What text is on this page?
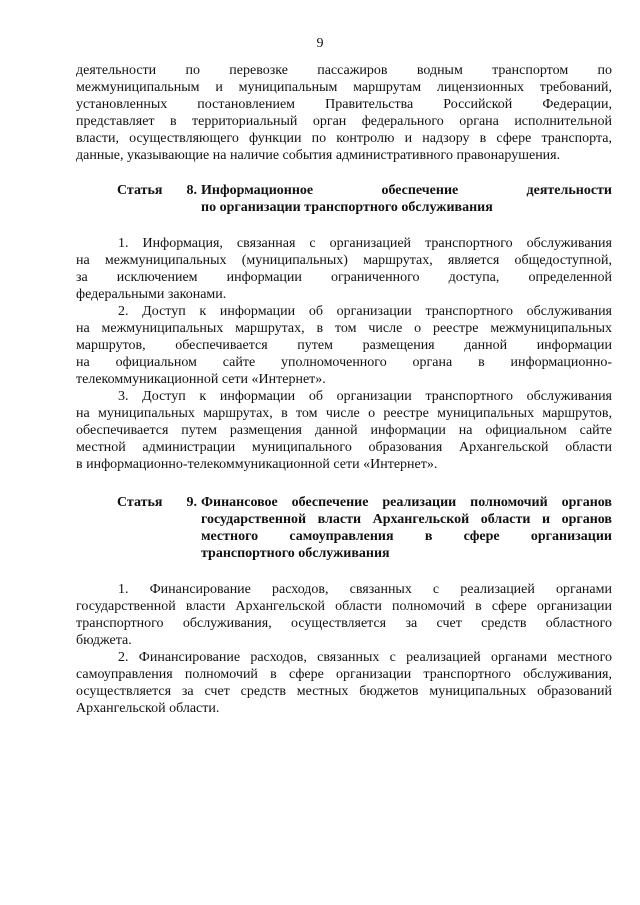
9
деятельности по перевозке пассажиров водным транспортом по
межмуниципальным и муниципальным маршрутам лицензионных требований,
установленных постановлением Правительства Российской Федерации,
представляет в территориальный орган федерального органа исполнительной
власти, осуществляющего функции по контролю и надзору в сфере транспорта,
данные, указывающие на наличие события административного правонарушения.
Статья 8. Информационное обеспечение деятельности
по организации транспортного обслуживания
1. Информация, связанная с организацией транспортного обслуживания
на межмуниципальных (муниципальных) маршрутах, является общедоступной,
за исключением информации ограниченного доступа, определенной
федеральными законами.
2. Доступ к информации об организации транспортного обслуживания
на межмуниципальных маршрутах, в том числе о реестре межмуниципальных
маршрутов, обеспечивается путем размещения данной информации
на официальном сайте уполномоченного органа в информационно-
телекоммуникационной сети «Интернет».
3. Доступ к информации об организации транспортного обслуживания
на муниципальных маршрутах, в том числе о реестре муниципальных маршрутов,
обеспечивается путем размещения данной информации на официальном сайте
местной администрации муниципального образования Архангельской области
в информационно-телекоммуникационной сети «Интернет».
Статья 9. Финансовое обеспечение реализации полномочий органов
государственной власти Архангельской области и органов
местного самоуправления в сфере организации
транспортного обслуживания
1. Финансирование расходов, связанных с реализацией органами
государственной власти Архангельской области полномочий в сфере организации
транспортного обслуживания, осуществляется за счет средств областного
бюджета.
2. Финансирование расходов, связанных с реализацией органами местного
самоуправления полномочий в сфере организации транспортного обслуживания,
осуществляется за счет средств местных бюджетов муниципальных образований
Архангельской области.
